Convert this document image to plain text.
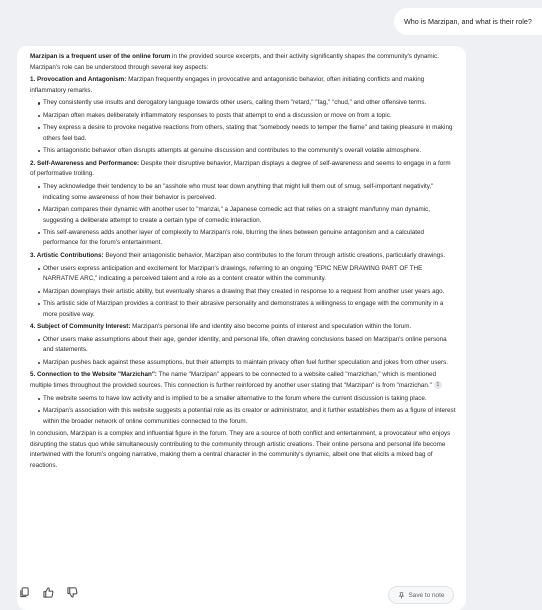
Who is Marzipan, and what is their role?

Marzipan is a frequent user of the online forum in the provided source excerpts, and their activity significantly shapes the community's dynamic. Marzipan's role can be understood through several key aspects:

1. Provocation and Antagonism: Marzipan frequently engages in provocative and antagonistic behavior, often initiating conflicts and making inflammatory remarks.

They consistently use insults and derogatory language towards other users, calling them "retard," "fag," "chud," and other offensive terms.
Marzipan often makes deliberately inflammatory responses to posts that attempt to end a discussion or move on from a topic.
They express a desire to provoke negative reactions from others, stating that "somebody needs to temper the flame" and taking pleasure in making others feel bad.
This antagonistic behavior often disrupts attempts at genuine discussion and contributes to the community's overall volatile atmosphere.

2. Self-Awareness and Performance: Despite their disruptive behavior, Marzipan displays a degree of self-awareness and seems to engage in a form of performative trolling.

They acknowledge their tendency to be an "asshole who must tear down anything that might lull them out of smug, self-important negativity," indicating some awareness of how their behavior is perceived.
Marzipan compares their dynamic with another user to "manzai," a Japanese comedic act that relies on a straight man/funny man dynamic, suggesting a deliberate attempt to create a certain type of comedic interaction.
This self-awareness adds another layer of complexity to Marzipan's role, blurring the lines between genuine antagonism and a calculated performance for the forum's entertainment.

3. Artistic Contributions: Beyond their antagonistic behavior, Marzipan also contributes to the forum through artistic creations, particularly drawings.

Other users express anticipation and excitement for Marzipan's drawings, referring to an ongoing "EPIC NEW DRAWING PART OF THE NARRATIVE ARC," indicating a perceived talent and a role as a content creator within the community.
Marzipan downplays their artistic ability, but eventually shares a drawing that they created in response to a request from another user years ago.
This artistic side of Marzipan provides a contrast to their abrasive personality and demonstrates a willingness to engage with the community in a more positive way.

4. Subject of Community Interest: Marzipan's personal life and identity also become points of interest and speculation within the forum.

Other users make assumptions about their age, gender identity, and personal life, often drawing conclusions based on Marzipan's online persona and statements.
Marzipan pushes back against these assumptions, but their attempts to maintain privacy often fuel further speculation and jokes from other users.

5. Connection to the Website "Marzichan": The name "Marzipan" appears to be connected to a website called "marzichan," which is mentioned multiple times throughout the provided sources. This connection is further reinforced by another user stating that "Marzipan" is from "marzichan." 1

The website seems to have low activity and is implied to be a smaller alternative to the forum where the current discussion is taking place.
Marzipan's association with this website suggests a potential role as its creator or administrator, and it further establishes them as a figure of interest within the broader network of online communities connected to the forum.

In conclusion, Marzipan is a complex and influential figure in the forum. They are a source of both conflict and entertainment, a provocateur who enjoys disrupting the status quo while simultaneously contributing to the community through artistic creations. Their online persona and personal life become intertwined with the forum's ongoing narrative, making them a central character in the community's dynamic, albeit one that elicits a mixed bag of reactions.

Save to note
